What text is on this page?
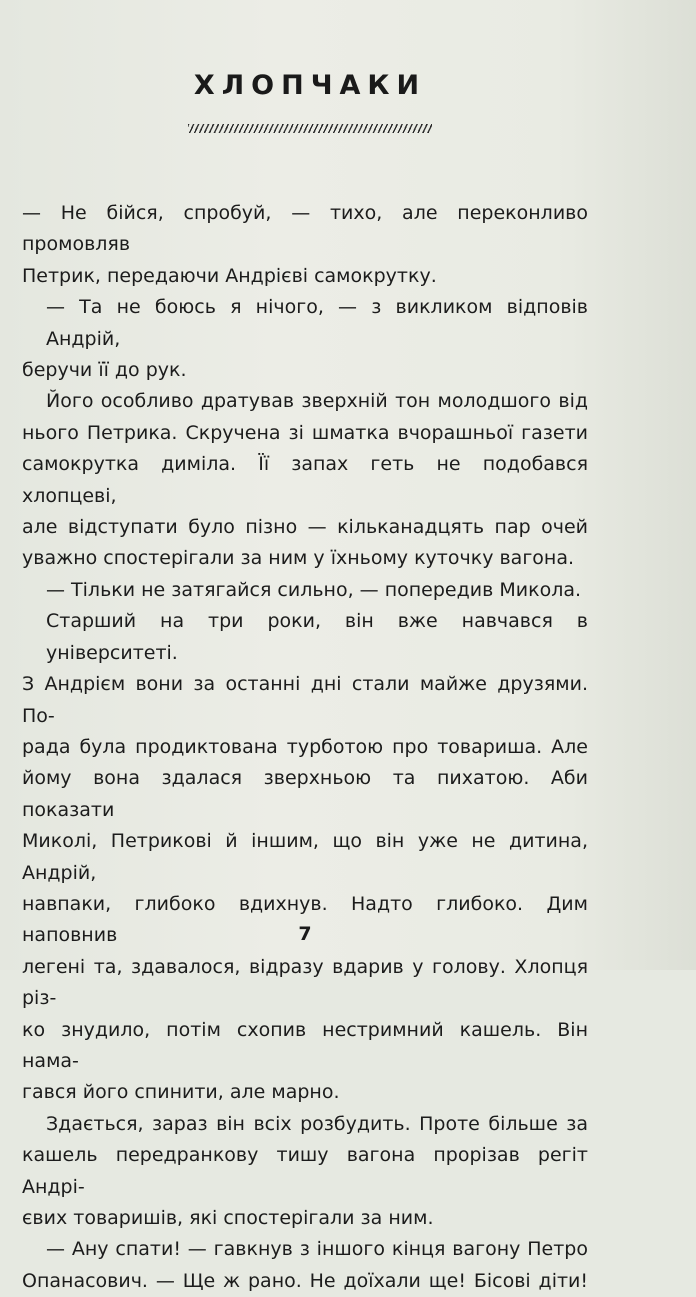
ХЛОПЧАКИ
— Не бійся, спробуй, — тихо, але переконливо промовляв
Петрик, передаючи Андрієві самокрутку.
— Та не боюсь я нічого, — з викликом відповів Андрій,
беручи її до рук.
Його особливо дратував зверхній тон молодшого від
нього Петрика. Скручена зі шматка вчорашньої газети
самокрутка диміла. Її запах геть не подобався хлопцеві,
але відступати було пізно — кільканадцять пар очей
уважно спостерігали за ним у їхньому куточку вагона.
— Тільки не затягайся сильно, — попередив Микола.
Старший на три роки, він вже навчався в університеті.
З Андрієм вони за останні дні стали майже друзями. По-
рада була продиктована турботою про товариша. Але
йому вона здалася зверхньою та пихатою. Аби показати
Миколі, Петрикові й іншим, що він уже не дитина, Андрій,
навпаки, глибоко вдихнув. Надто глибоко. Дим наповнив
легені та, здавалося, відразу вдарив у голову. Хлопця різ-
ко знудило, потім схопив нестримний кашель. Він нама-
гався його спинити, але марно.
Здається, зараз він всіх розбудить. Проте більше за
кашель передранкову тишу вагона прорізав регіт Андрі-
євих товаришів, які спостерігали за ним.
— Ану спати! — гавкнув з іншого кінця вагону Петро
Опанасович. — Ще ж рано. Не доїхали ще! Бісові діти!
7
